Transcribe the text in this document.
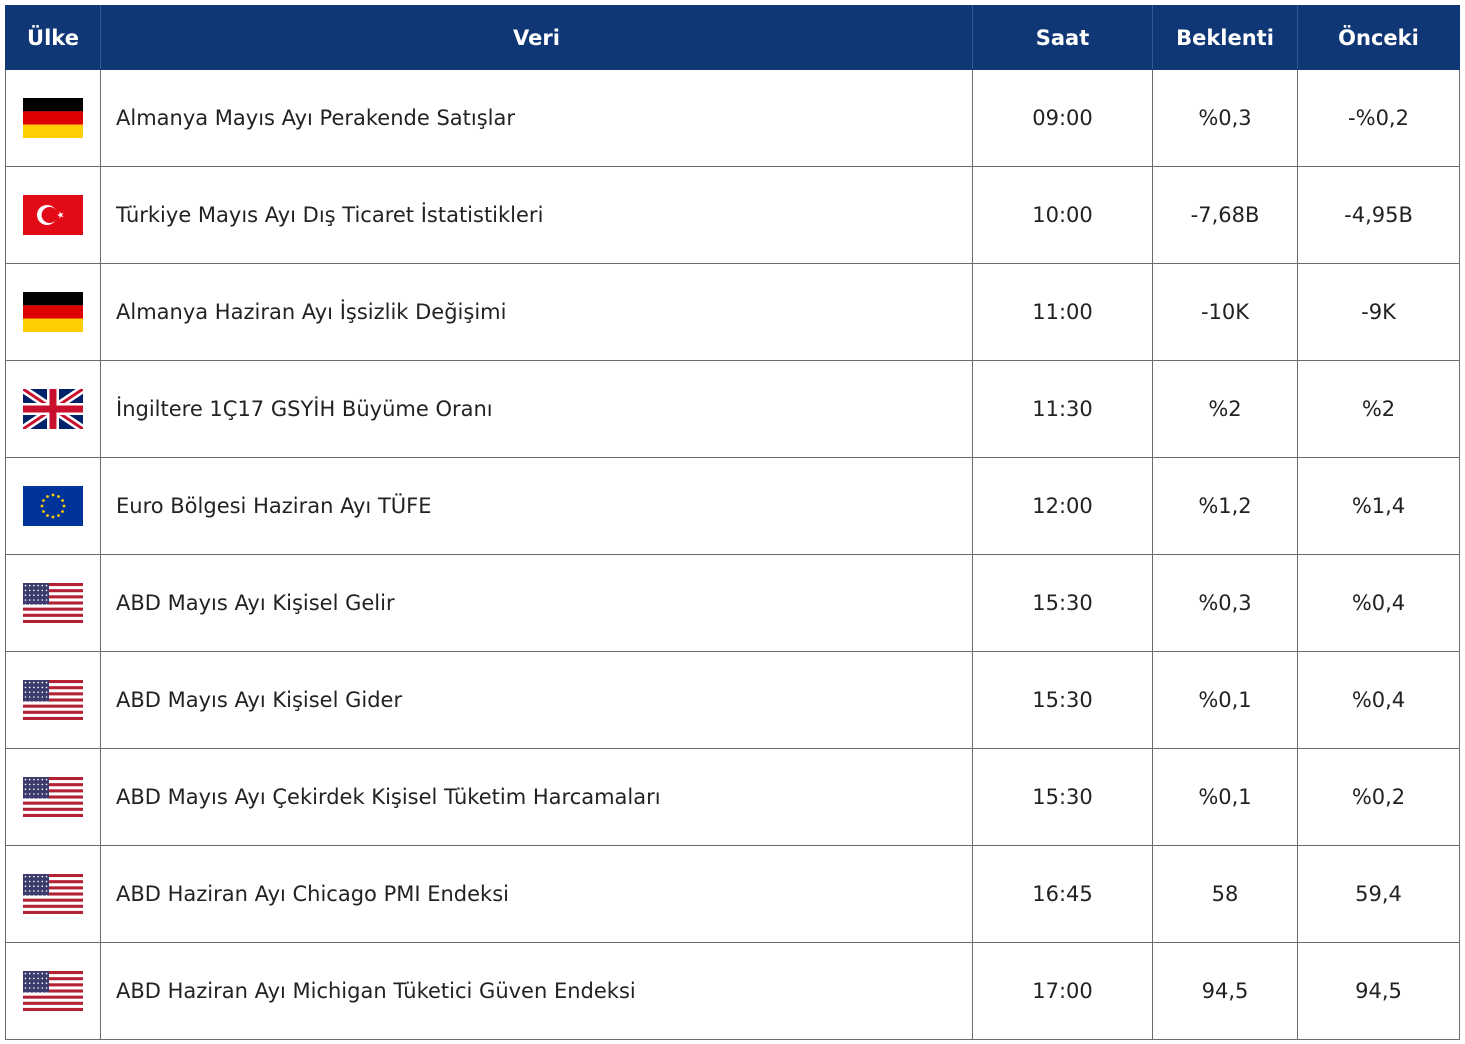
Ülke	Veri	Saat	Beklenti	Önceki

	Almanya Mayıs Ayı Perakende Satışlar	09:00	%0,3	-%0,2

	Türkiye Mayıs Ayı Dış Ticaret İstatistikleri	10:00	-7,68B	-4,95B

	Almanya Haziran Ayı İşsizlik Değişimi	11:00	-10K	-9K

	İngiltere 1Ç17 GSYİH Büyüme Oranı	11:30	%2	%2

	Euro Bölgesi Haziran Ayı TÜFE	12:00	%1,2	%1,4

	ABD Mayıs Ayı Kişisel Gelir	15:30	%0,3	%0,4

	ABD Mayıs Ayı Kişisel Gider	15:30	%0,1	%0,4

	ABD Mayıs Ayı Çekirdek Kişisel Tüketim Harcamaları	15:30	%0,1	%0,2

	ABD Haziran Ayı Chicago PMI Endeksi	16:45	58	59,4

	ABD Haziran Ayı Michigan Tüketici Güven Endeksi	17:00	94,5	94,5
